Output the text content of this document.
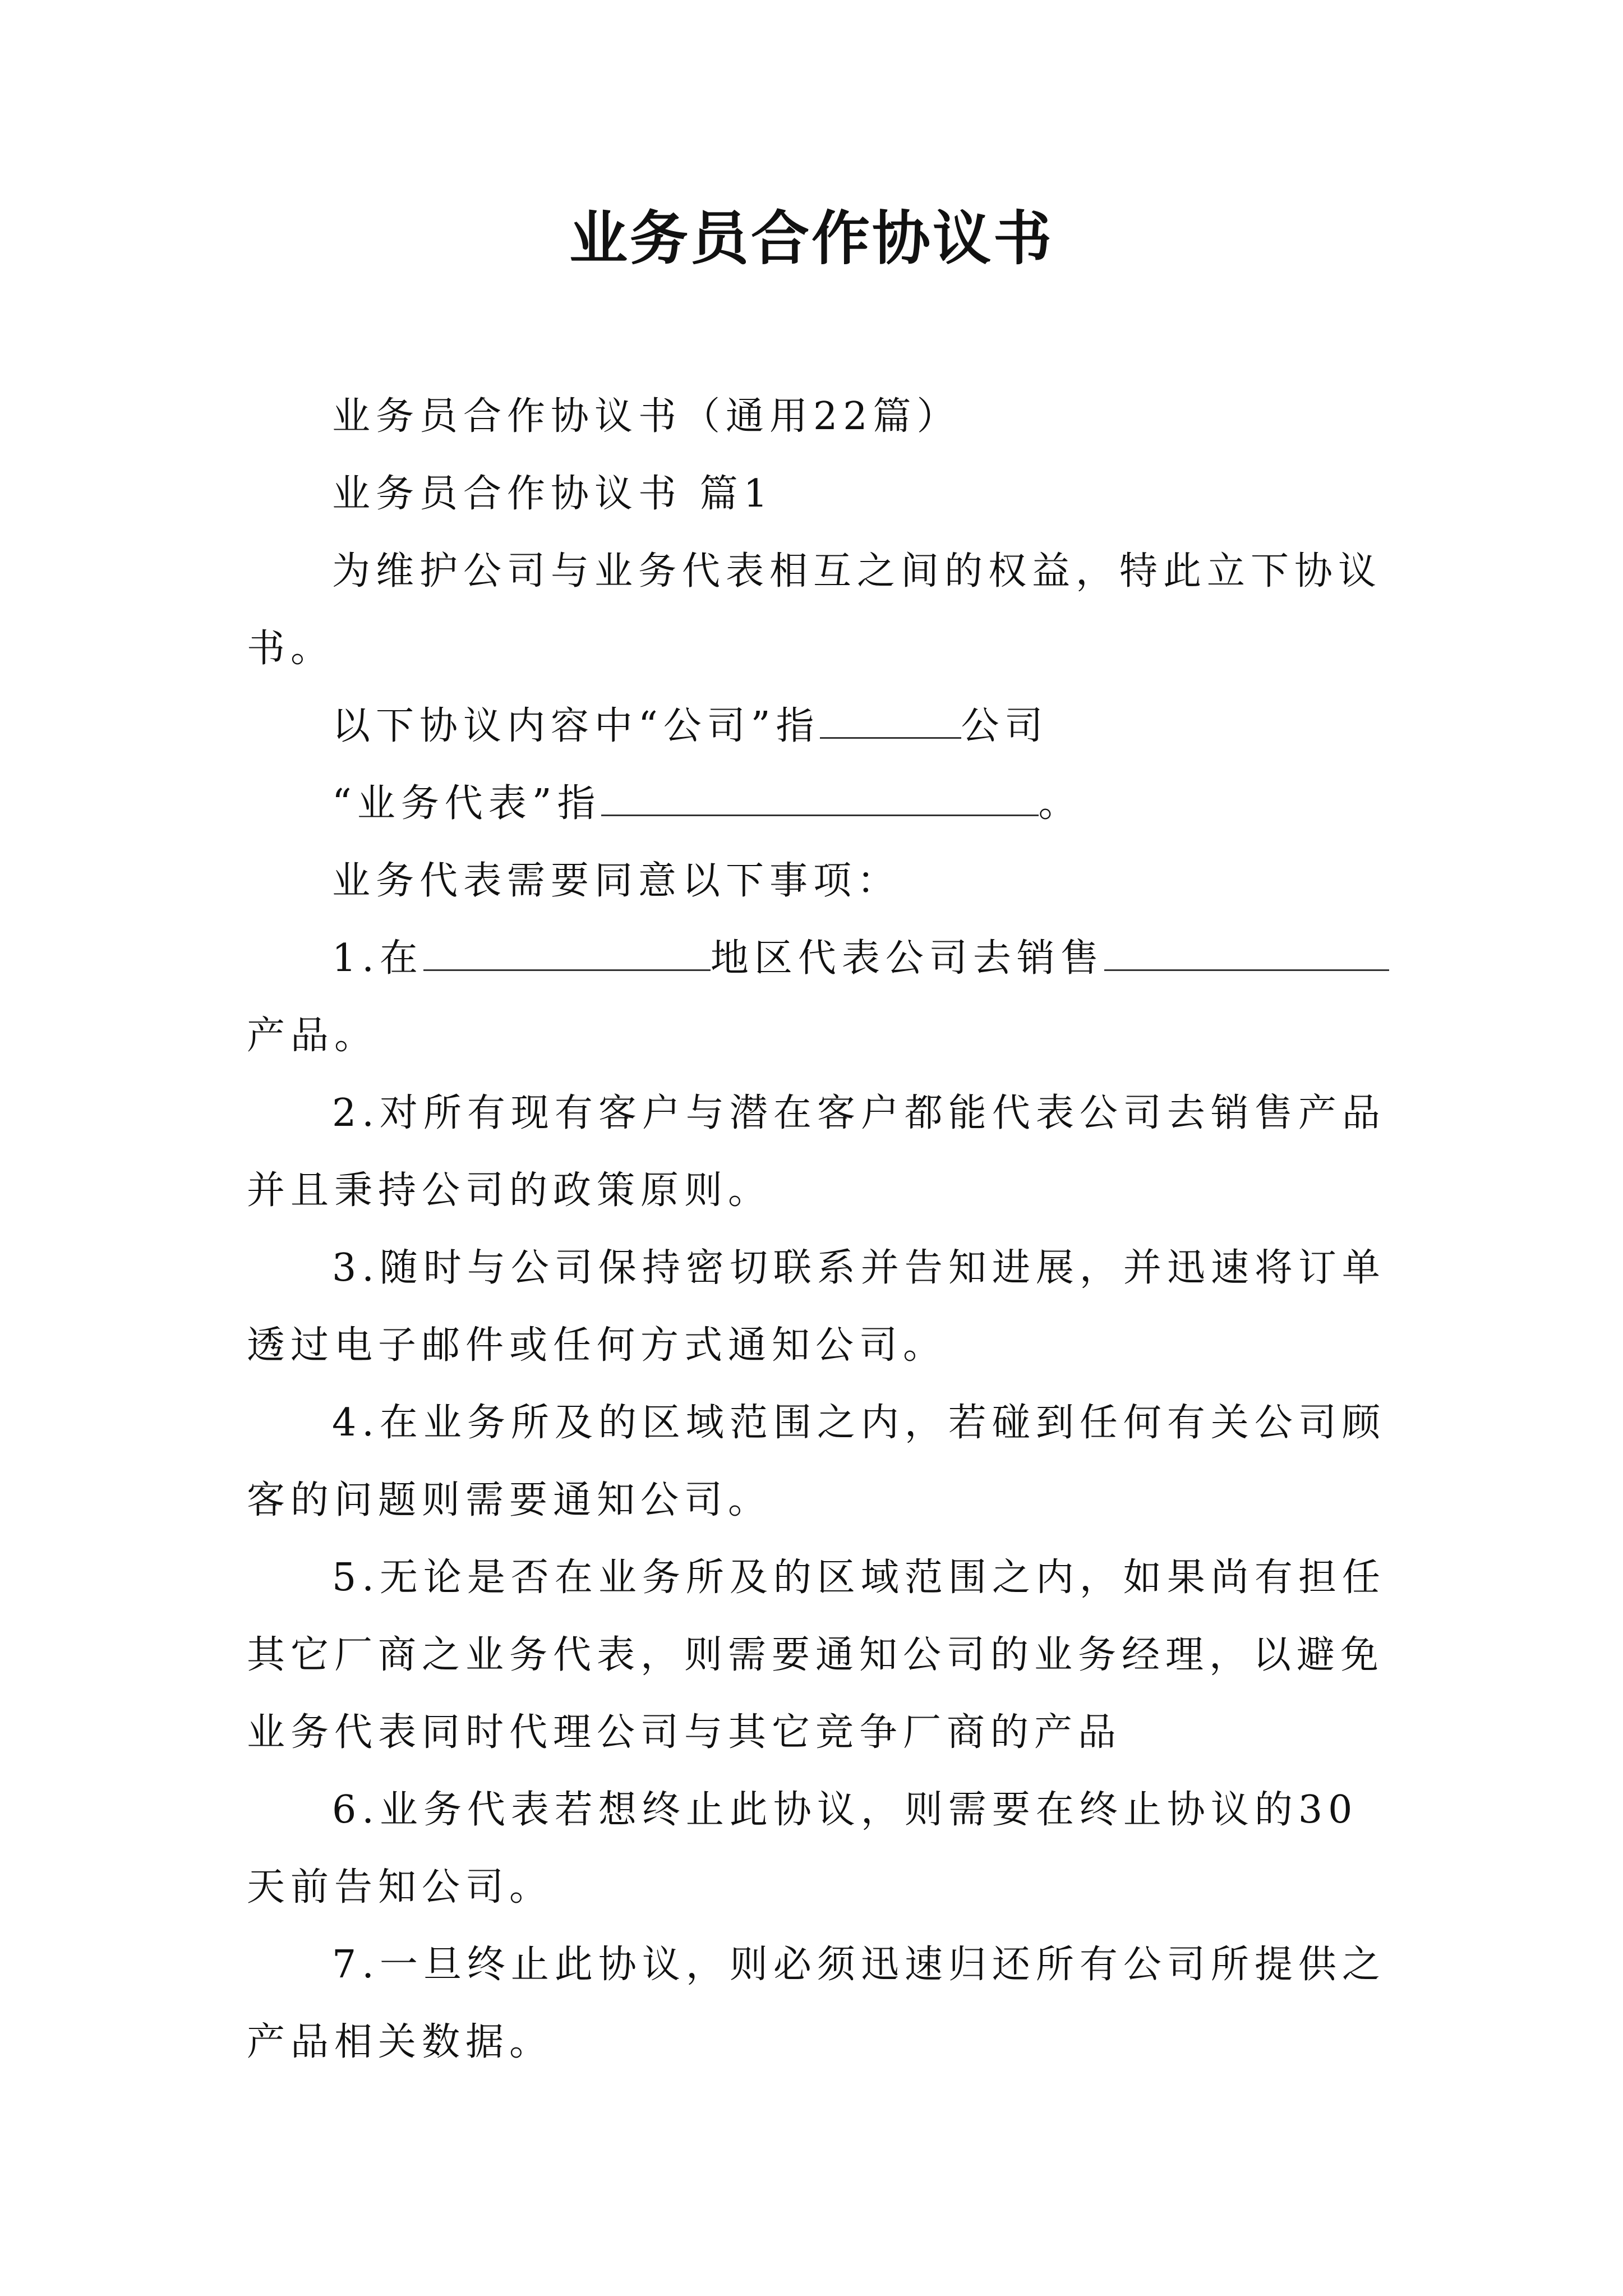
业务员合作协议书

业务员合作协议书（通用22篇）

业务员合作协议书 篇1

为维护公司与业务代表相互之间的权益，特此立下协议书。

以下协议内容中“公司”指	公司

“业务代表”指	。

业务代表需要同意以下事项：

1.在	地区代表公司去销售产品。

2.对所有现有客户与潜在客户都能代表公司去销售产品并且秉持公司的政策原则。

3.随时与公司保持密切联系并告知进展，并迅速将订单透过电子邮件或任何方式通知公司。

4.在业务所及的区域范围之内，若碰到任何有关公司顾客的问题则需要通知公司。

5.无论是否在业务所及的区域范围之内，如果尚有担任其它厂商之业务代表，则需要通知公司的业务经理，以避免业务代表同时代理公司与其它竞争厂商的产品

6.业务代表若想终止此协议，则需要在终止协议的30天前告知公司。

7.一旦终止此协议，则必须迅速归还所有公司所提供之产品相关数据。
